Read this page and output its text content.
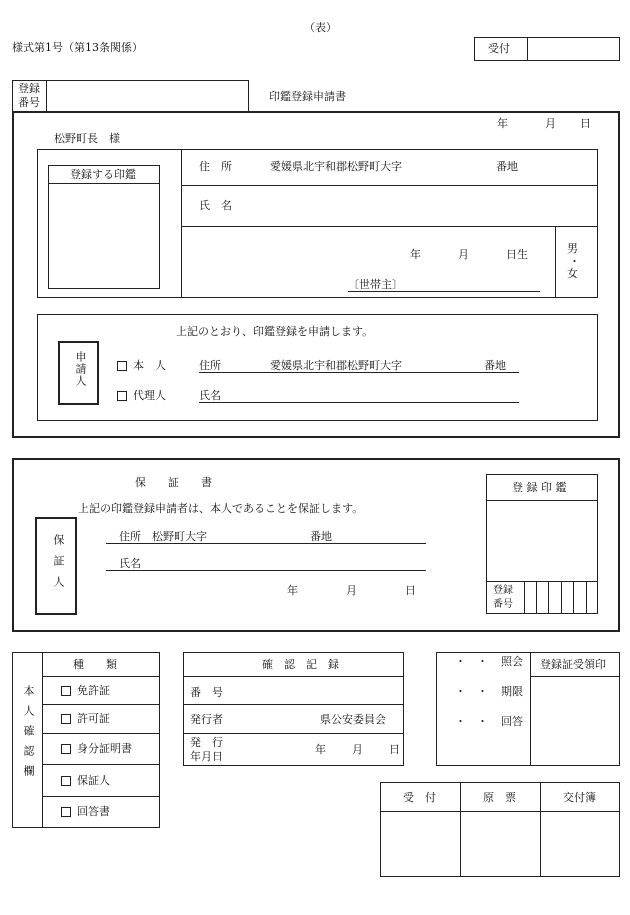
（表）
様式第1号（第13条関係）	受付
登録
番号	印鑑登録申請書
年	月 日
松野町長　様
登録する印鑑
住　所	愛媛県北宇和郡松野町大字	番地
氏　名
年	月	日生	男
・
女
〔世帯主〕
上記のとおり、印鑑登録を申請します。
申請人	本　人
代理人
住所	愛媛県北宇和郡松野町大字	番地
氏名
保　　証　　書
上記の印鑑登録申請者は、本人であることを保証します。
保証人	住所　松野町大字	番地
氏名
年	月	日
登 録 印 鑑
登録
番号
本人確認欄
種　　類
免許証
許可証
身分証明書
保証人
回答書
確　認　記　録
番　号
発行者	県公安委員会
発　行
年月日
年 月 日
・　・ 照会
・　・ 期限
・　・ 回答
登録証受領印
受　付	原　票	交付簿
